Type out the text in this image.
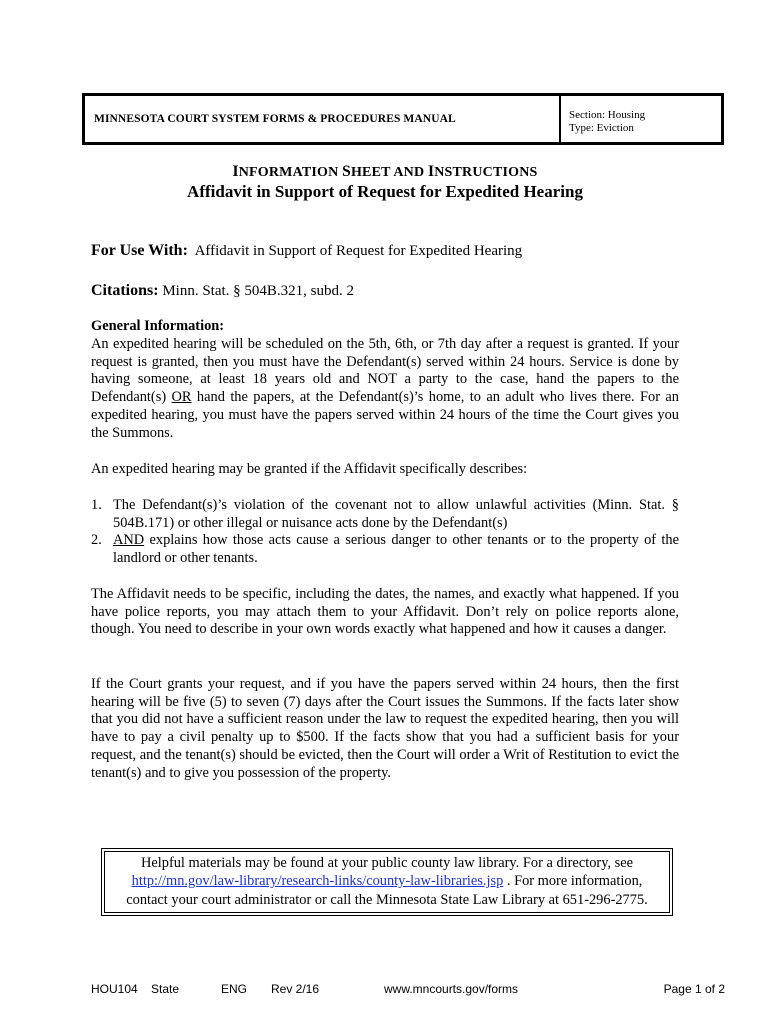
MINNESOTA COURT SYSTEM FORMS & PROCEDURES MANUAL	Section: Housing
Type: Eviction
INFORMATION SHEET AND INSTRUCTIONS
Affidavit in Support of Request for Expedited Hearing
For Use With: Affidavit in Support of Request for Expedited Hearing
Citations: Minn. Stat. § 504B.321, subd. 2
General Information:
An expedited hearing will be scheduled on the 5th, 6th, or 7th day after a request is granted. If your request is granted, then you must have the Defendant(s) served within 24 hours. Service is done by having someone, at least 18 years old and NOT a party to the case, hand the papers to the Defendant(s) OR hand the papers, at the Defendant(s)’s home, to an adult who lives there. For an expedited hearing, you must have the papers served within 24 hours of the time the Court gives you the Summons.
An expedited hearing may be granted if the Affidavit specifically describes:
1. The Defendant(s)’s violation of the covenant not to allow unlawful activities (Minn. Stat. § 504B.171) or other illegal or nuisance acts done by the Defendant(s)
2. AND explains how those acts cause a serious danger to other tenants or to the property of the landlord or other tenants.
The Affidavit needs to be specific, including the dates, the names, and exactly what happened. If you have police reports, you may attach them to your Affidavit. Don’t rely on police reports alone, though. You need to describe in your own words exactly what happened and how it causes a danger.
If the Court grants your request, and if you have the papers served within 24 hours, then the first hearing will be five (5) to seven (7) days after the Court issues the Summons. If the facts later show that you did not have a sufficient reason under the law to request the expedited hearing, then you will have to pay a civil penalty up to $500. If the facts show that you had a sufficient basis for your request, and the tenant(s) should be evicted, then the Court will order a Writ of Restitution to evict the tenant(s) and to give you possession of the property.
Helpful materials may be found at your public county law library. For a directory, see
http://mn.gov/law-library/research-links/county-law-libraries.jsp . For more information,
contact your court administrator or call the Minnesota State Law Library at 651-296-2775.
HOU104 State	ENG Rev 2/16	www.mncourts.gov/forms	Page 1 of 2
